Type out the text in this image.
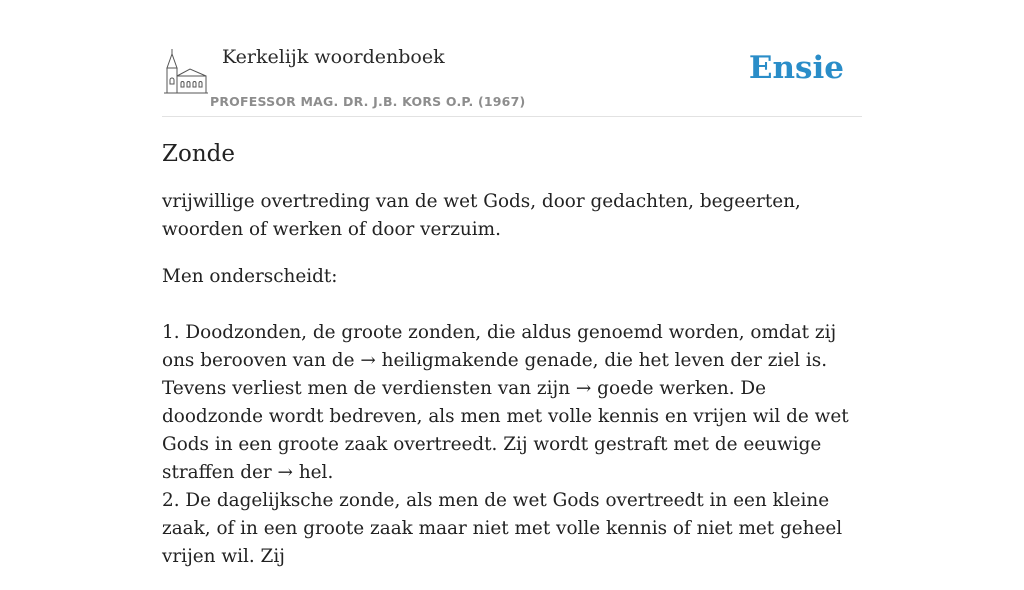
Kerkelijk woordenboek
PROFESSOR MAG. DR. J.B. KORS O.P. (1967)
Ensie
Zonde

vrijwillige overtreding van de wet Gods, door gedachten, begeerten, woorden of werken of door verzuim.

Men onderscheidt:

1. Doodzonden, de groote zonden, die aldus genoemd worden, omdat zij ons berooven van de → heiligmakende genade, die het leven der ziel is. Tevens verliest men de verdiensten van zijn → goede werken. De doodzonde wordt bedreven, als men met volle kennis en vrijen wil de wet Gods in een groote zaak overtreedt. Zij wordt gestraft met de eeuwige straffen der → hel.
2. De dagelijksche zonde, als men de wet Gods overtreedt in een kleine zaak, of in een groote zaak maar niet met volle kennis of niet met geheel vrijen wil. Zij
